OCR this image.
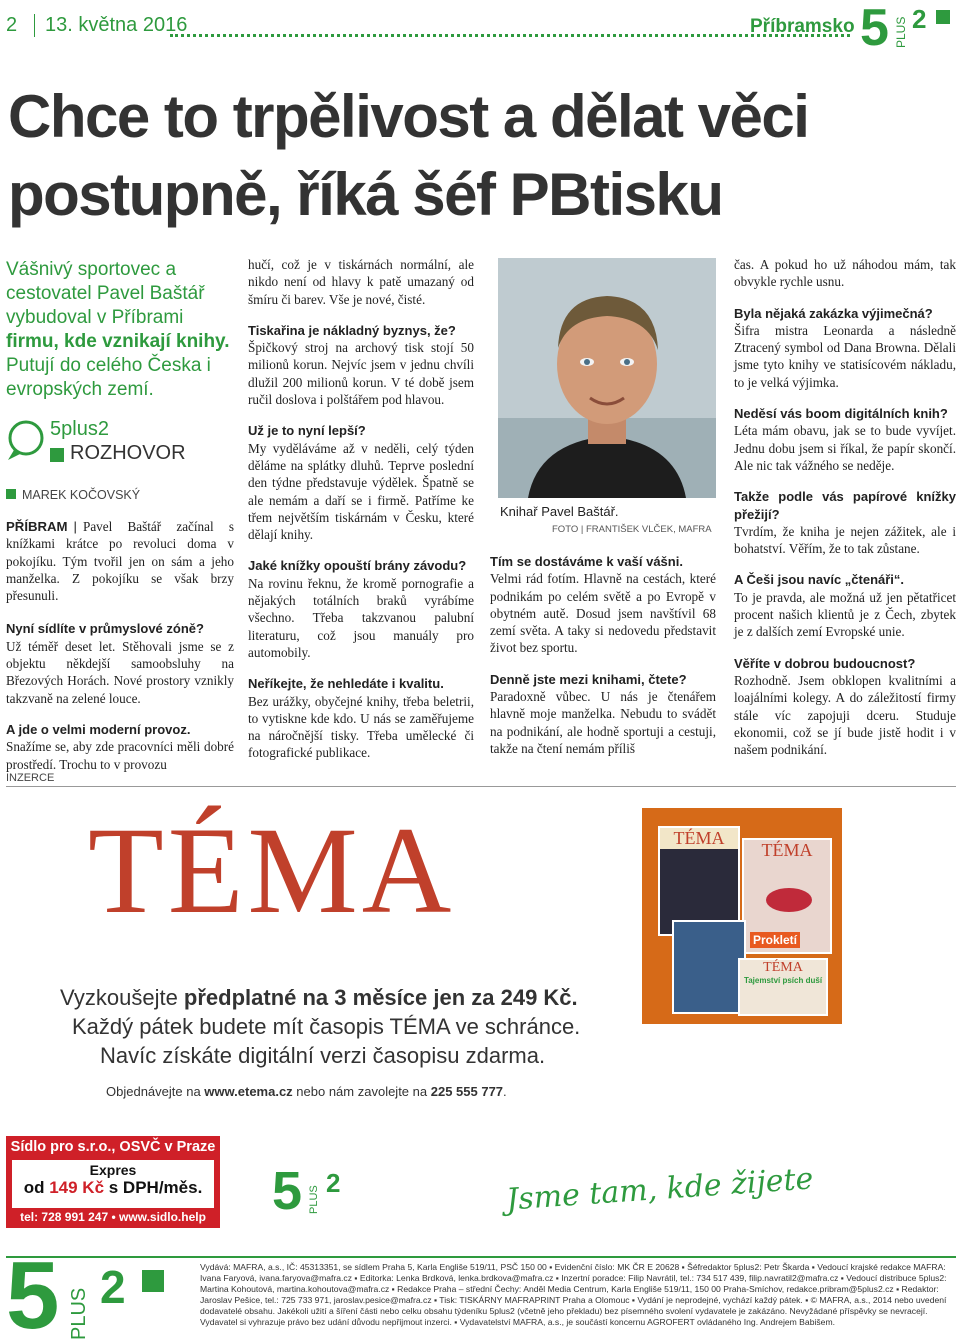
2	13. května 2016	Příbramsko 5 PLUS 2
Chce to trpělivost a dělat věci
postupně, říká šéf PBtisku
Vášnivý sportovec a cestovatel Pavel Baštář vybudoval v Příbrami firmu, kde vznikají knihy. Putují do celého Česka i evropských zemí.
5plus2
ROZHOVOR
MAREK KOČOVSKÝ

PŘÍBRAM | Pavel Baštář začínal s knížkami krátce po revoluci doma v pokojíku. Tým tvořil jen on sám a jeho manželka. Z pokojíku se však brzy přesunuli.

Nyní sídlíte v průmyslové zóně?

Už téměř deset let. Stěhovali jsme se z objektu někdejší samoobsluhy na Březových Horách. Nové prostory vznikly takzvaně na zelené louce.

A jde o velmi moderní provoz.

Snažíme se, aby zde pracovníci měli dobré prostředí. Trochu to v provozu

hučí, což je v tiskárnách normální, ale nikdo není od hlavy k patě umazaný od šmíru či barev. Vše je nové, čisté.

Tiskařina je nákladný byznys, že?

Špičkový stroj na archový tisk stojí 50 milionů korun. Nejvíc jsem v jednu chvíli dlužil 200 milionů korun. V té době jsem ručil doslova i polštářem pod hlavou.

Už je to nyní lepší?

My vyděláváme až v neděli, celý týden děláme na splátky dluhů. Teprve poslední den týdne představuje výdělek. Špatně se ale nemám a daří se i firmě. Patříme ke třem největším tiskárnám v Česku, které dělají knihy.

Jaké knížky opouští brány závodu?

Na rovinu řeknu, že kromě pornografie a nějakých totálních braků vyrábíme všechno. Třeba takzvanou palubní literaturu, což jsou manuály pro automobily.

Neříkejte, že nehledáte i kvalitu.

Bez urážky, obyčejné knihy, třeba beletrii, to vytiskne kde kdo. U nás se zaměřujeme na náročnější tisky. Třeba umělecké či fotografické publikace.

Knihař Pavel Baštář.
FOTO | FRANTIŠEK VLČEK, MAFRA

Tím se dostáváme k vaší vášni.

Velmi rád fotím. Hlavně na cestách, které podnikám po celém světě a po Evropě v obytném autě. Dosud jsem navštívil 68 zemí světa. A taky si nedovedu představit život bez sportu.

Denně jste mezi knihami, čtete?

Paradoxně vůbec. U nás je čtenářem hlavně moje manželka. Nebudu to svádět na podnikání, ale hodně sportuji a cestuji, takže na čtení nemám příliš

čas. A pokud ho už náhodou mám, tak obvykle rychle usnu.

Byla nějaká zakázka výjimečná?

Šifra mistra Leonarda a následně Ztracený symbol od Dana Browna. Dělali jsme tyto knihy ve statisícovém nákladu, to je velká výjimka.

Neděsí vás boom digitálních knih?

Léta mám obavu, jak se to bude vyvíjet. Jednu dobu jsem si říkal, že papír skončí. Ale nic tak vážného se neděje.

Takže podle vás papírové knížky přežijí?

Tvrdím, že kniha je nejen zážitek, ale i bohatství. Věřím, že to tak zůstane.

A Češi jsou navíc „čtenáři“.

To je pravda, ale možná už jen pětatřicet procent našich klientů je z Čech, zbytek je z dalších zemí Evropské unie.

Věříte v dobrou budoucnost?

Rozhodně. Jsem obklopen kvalitními a loajálními kolegy. A do záležitostí firmy stále víc zapojuji dceru. Studuje ekonomii, což se jí bude jistě hodit i v našem podnikání.

INZERCE
TÉMA	TÉMA
TÉMA
Prokletí
TÉMA
Tajemství psích duší
Vyzkoušejte předplatné na 3 měsíce jen za 249 Kč.
Každý pátek budete mít časopis TÉMA ve schránce.
Navíc získáte digitální verzi časopisu zdarma.
Objednávejte na www.etema.cz nebo nám zavolejte na 225 555 777.
Sídlo pro s.r.o., OSVČ v Praze
tel: 728 991 247 • www.sidlo.help
Expres
od 149 Kč s DPH/měs. 5 PLUS
2	Jsme tam, kde žijete
5 PLUS
2	Vydává: MAFRA, a.s., IČ: 45313351, se sídlem Praha 5, Karla Engliše 519/11, PSČ 150 00 ▪ Evidenční číslo: MK ČR E 20628 ▪ Šéfredaktor 5plus2: Petr Škarda ▪ Vedoucí krajské redakce MAFRA: Ivana Faryová, ivana.faryova@mafra.cz ▪ Editorka: Lenka Brdková, lenka.brdkova@mafra.cz ▪ Inzertní poradce: Filip Navrátil, tel.: 734 517 439, filip.navratil2@mafra.cz ▪ Vedoucí distribuce 5plus2: Martina Kohoutová, martina.kohoutova@mafra.cz ▪ Redakce Praha – střední Čechy: Anděl Media Centrum, Karla Engliše 519/11, 150 00 Praha-Smíchov, redakce.pribram@5plus2.cz ▪ Redaktor: Jaroslav Pešice, tel.: 725 733 971, jaroslav.pesice@mafra.cz ▪ Tisk: TISKÁRNY MAFRAPRINT Praha a Olomouc ▪ Vydání je neprodejné, vychází každý pátek. ▪ © MAFRA, a.s., 2014 nebo uvedení dodavatelé obsahu. Jakékoli užití a šíření části nebo celku obsahu týdeníku 5plus2 (včetně jeho překladu) bez písemného svolení vydavatele je zakázáno. Nevyžádané příspěvky se nevracejí. Vydavatel si vyhrazuje právo bez udání důvodu nepřijmout inzerci. ▪ Vydavatelství MAFRA, a.s., je součástí koncernu AGROFERT ovládaného Ing. Andrejem Babišem.
